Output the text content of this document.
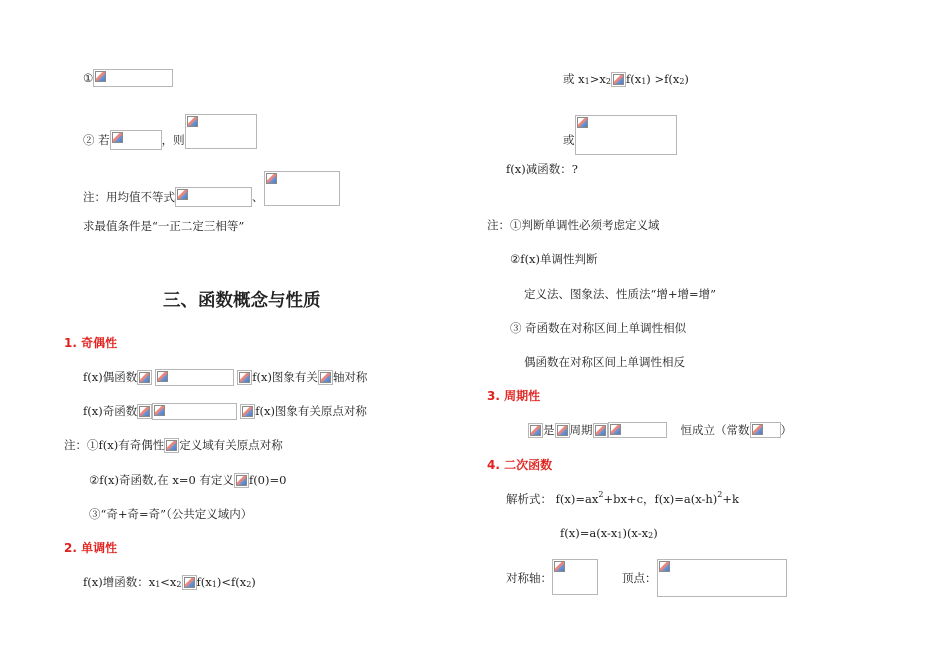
①
② 若	，则
注：用均值不等式	、
求最值条件是“一正二定三相等”
三、函数概念与性质
1. 奇偶性
f(x)偶函数	f(x)图象有关 轴对称
f(x)奇函数	f(x)图象有关原点对称
注：①f(x)有奇偶性 定义域有关原点对称
②f(x)奇函数,在 x=0 有定义 f(0)=0
③“奇+奇=奇”（公共定义域内）
2. 单调性
f(x)增函数：x1<x2 f(x1)<f(x2)
或 x1>x2 f(x1) >f(x2)
或
f(x)减函数：?
注：①判断单调性必须考虑定义域
②f(x)单调性判断
定义法、图象法、性质法“增+增=增”
③ 奇函数在对称区间上单调性相似
偶函数在对称区间上单调性相反
3. 周期性
是 周期	恒成立（常数	）
4. 二次函数
解析式： f(x)=ax2+bx+c，f(x)=a(x-h)2+k
f(x)=a(x-x1)(x-x2)
对称轴：	顶点：
